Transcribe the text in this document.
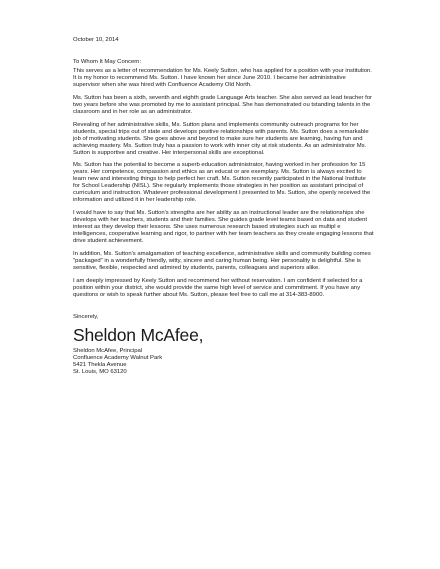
October 10, 2014
To Whom It May Concern:

This serves as a letter of recommendation for Ms. Keely Sutton, who has applied for a position with your institution. It is my honor to recommend Ms. Sutton. I have known her since June 2010. I became her administrative supervisor when she was hired with Confluence Academy Old North.

Ms. Sutton has been a sixth, seventh and eighth grade Language Arts teacher. She also served as lead teacher for two years before she was promoted by me to assistant principal. She has demonstrated ou tstanding talents in the classroom and in her role as an administrator.

Revealing of her administrative skills, Ms. Sutton plans and implements community outreach programs for her students, special trips out of state and develops positive relationships with parents. Ms. Sutton does a remarkable job of motivating students. She goes above and beyond to make sure her students are learning, having fun and achieving mastery. Ms. Sutton truly has a passion to work with inner city at risk students. As an administrator Ms. Sutton is supportive and creative. Her interpersonal skills are exceptional.

Ms. Sutton has the potential to become a superb education administrator, having worked in her profession for 15 years. Her competence, compassion and ethics as an educat or are exemplary. Ms. Sutton is always excited to learn new and interesting things to help perfect her craft. Ms. Sutton recently participated in the National Institute for School Leadership (NISL). She regularly implements those strategies in her position as assistant principal of curriculum and instruction. Whatever professional development I presented to Ms. Sutton, she openly received the information and utilized it in her leadership role.

I would have to say that Ms. Sutton's strengths are her ability as an instructional leader are the relationships she develops with her teachers, students and their families. She guides grade level teams based on data and student interest as they develop their lessons. She uses numerous research based strategies such as multipl e intelligences, cooperative learning and rigor, to partner with her team teachers as they create engaging lessons that drive student achievement.

In addition, Ms. Sutton's amalgamation of teaching excellence, administrative skills and community building comes "packaged" in a wonderfully friendly, witty, sincere and caring human being. Her personality is delightful. She is sensitive, flexible, respected and admired by students, parents, colleagues and superiors alike.

I am deeply impressed by Keely Sutton and recommend her without reservation. I am confident if selected for a position within your district, she would provide the same high level of service and commitment. If you have any questions or wish to speak further about Ms. Sutton, please feel free to call me at 314-383-8900.

Sincerely,
Sheldon McAfee,
Sheldon McAfee, Principal
Confluence Academy Walnut Park
5421 Thekla Avenue
St. Louis, MO 63120
